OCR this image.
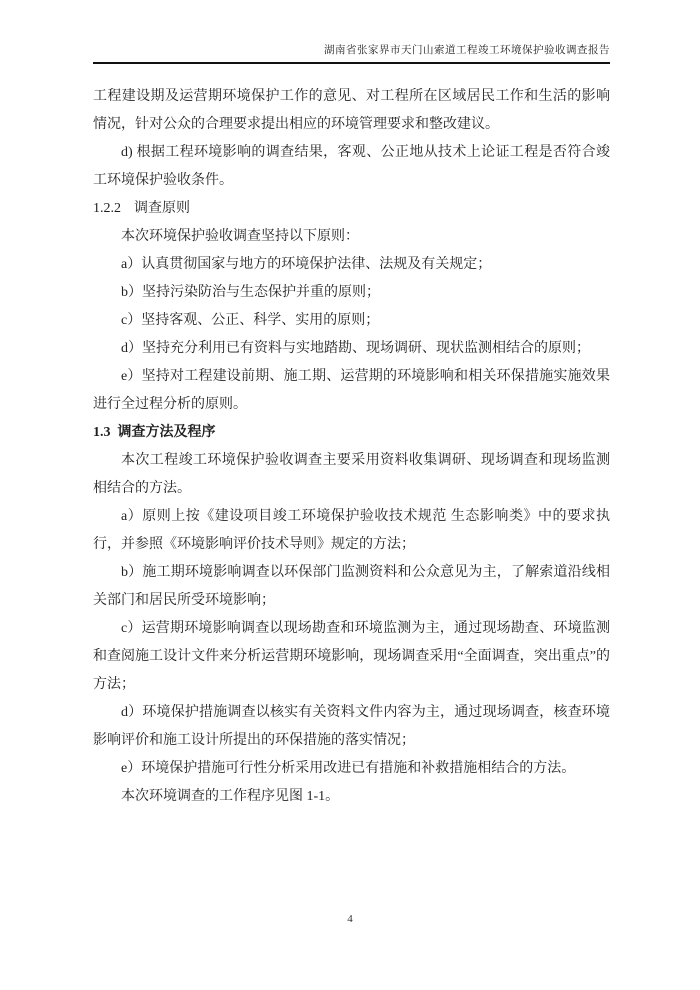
湖南省张家界市天门山索道工程竣工环境保护验收调查报告

工程建设期及运营期环境保护工作的意见、对工程所在区域居民工作和生活的影响情况，针对公众的合理要求提出相应的环境管理要求和整改建议。

d) 根据工程环境影响的调查结果，客观、公正地从技术上论证工程是否符合竣工环境保护验收条件。

1.2.2 调查原则

本次环境保护验收调查坚持以下原则：

a）认真贯彻国家与地方的环境保护法律、法规及有关规定；

b）坚持污染防治与生态保护并重的原则；

c）坚持客观、公正、科学、实用的原则；

d）坚持充分利用已有资料与实地踏勘、现场调研、现状监测相结合的原则；

e）坚持对工程建设前期、施工期、运营期的环境影响和相关环保措施实施效果进行全过程分析的原则。

1.3 调查方法及程序

本次工程竣工环境保护验收调查主要采用资料收集调研、现场调查和现场监测相结合的方法。

a）原则上按《建设项目竣工环境保护验收技术规范 生态影响类》中的要求执行，并参照《环境影响评价技术导则》规定的方法；

b）施工期环境影响调查以环保部门监测资料和公众意见为主，了解索道沿线相关部门和居民所受环境影响；

c）运营期环境影响调查以现场勘查和环境监测为主，通过现场勘查、环境监测和查阅施工设计文件来分析运营期环境影响，现场调查采用“全面调查，突出重点”的方法；

d）环境保护措施调查以核实有关资料文件内容为主，通过现场调查，核查环境影响评价和施工设计所提出的环保措施的落实情况；

e）环境保护措施可行性分析采用改进已有措施和补救措施相结合的方法。

本次环境调查的工作程序见图 1-1。

4
